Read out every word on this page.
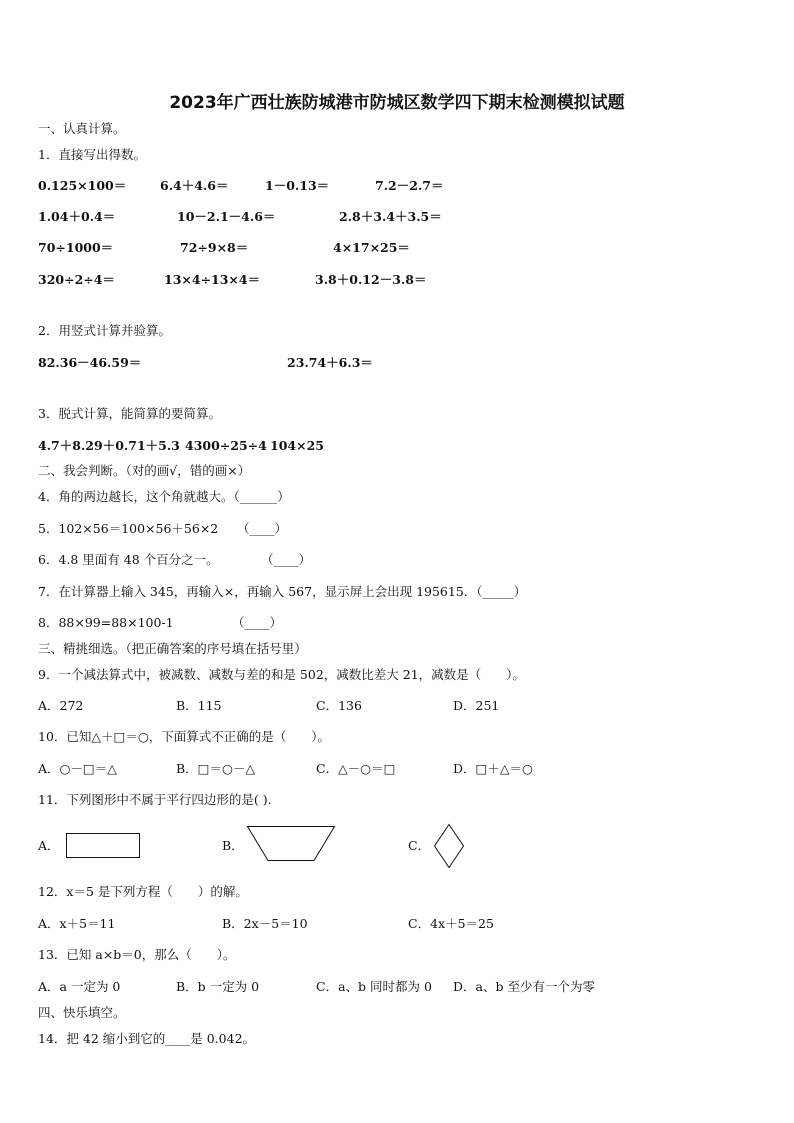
2023年广西壮族防城港市防城区数学四下期末检测模拟试题
一、认真计算。
1．直接写出得数。
0.125×100＝	6.4＋4.6＝	1－0.13＝	7.2－2.7＝
1.04＋0.4＝	10－2.1－4.6＝	2.8＋3.4＋3.5＝
70÷1000＝	72÷9×8＝	4×17×25＝
320÷2÷4＝	13×4÷13×4＝	3.8＋0.12－3.8＝
2．用竖式计算并验算。
82.36－46.59＝	23.74＋6.3＝
3．脱式计算，能简算的要简算。
4.7＋8.29＋0.71＋5.3 4300÷25÷4 104×25
二、我会判断。（对的画√，错的画×）
4．角的两边越长，这个角就越大。（______）
5．102×56＝100×56＋56×2 （____）
6．4.8 里面有 48 个百分之一。	（____）
7．在计算器上输入 345，再输入×，再输入 567，显示屏上会出现 195615．（_____）
8．88×99=88×100-1	（____）
三、精挑细选。（把正确答案的序号填在括号里）
9．一个减法算式中，被减数、减数与差的和是 502，减数比差大 21，减数是（　　）。
A．272	B．115	C．136	D．251
10．已知△＋□＝○，下面算式不正确的是（　　）。
A．○－□＝△	B．□＝○－△	C．△－○＝□	D．□＋△＝○
11．下列图形中不属于平行四边形的是( ).
A．	B．	C．
12．x＝5 是下列方程（　　）的解。
A．x＋5＝11	B．2x－5＝10	C．4x＋5＝25
13．已知 a×b＝0，那么（　　）。
A．a 一定为 0	B．b 一定为 0	C．a、b 同时都为 0 D．a、b 至少有一个为零
四、快乐填空。
14．把 42 缩小到它的____是 0.042。
